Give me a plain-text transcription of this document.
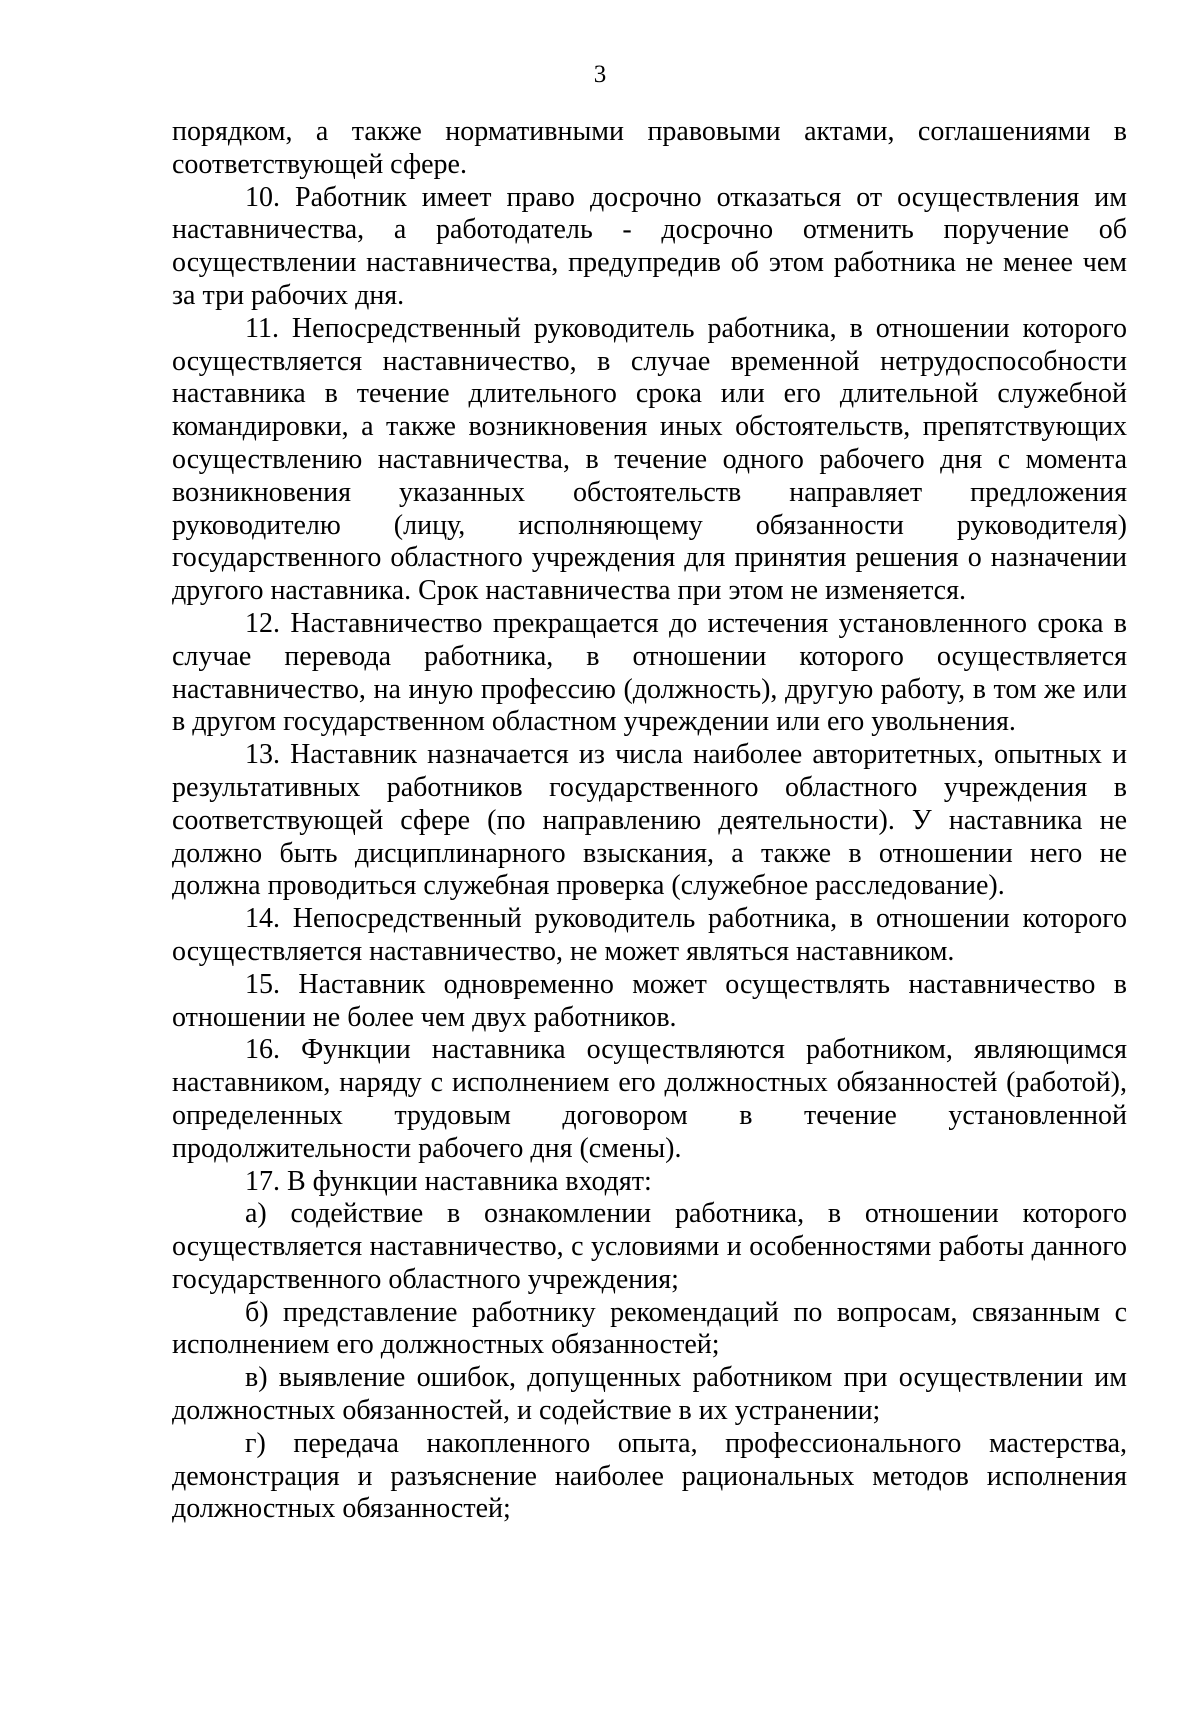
3

порядком, а также нормативными правовыми актами, соглашениями в соответствующей сфере.

10. Работник имеет право досрочно отказаться от осуществления им наставничества, а работодатель - досрочно отменить поручение об осуществлении наставничества, предупредив об этом работника не менее чем за три рабочих дня.

11. Непосредственный руководитель работника, в отношении которого осуществляется наставничество, в случае временной нетрудоспособности наставника в течение длительного срока или его длительной служебной командировки, а также возникновения иных обстоятельств, препятствующих осуществлению наставничества, в течение одного рабочего дня с момента возникновения указанных обстоятельств направляет предложения руководителю (лицу, исполняющему обязанности руководителя) государственного областного учреждения для принятия решения о назначении другого наставника. Срок наставничества при этом не изменяется.

12. Наставничество прекращается до истечения установленного срока в случае перевода работника, в отношении которого осуществляется наставничество, на иную профессию (должность), другую работу, в том же или в другом государственном областном учреждении или его увольнения.

13. Наставник назначается из числа наиболее авторитетных, опытных и результативных работников государственного областного учреждения в соответствующей сфере (по направлению деятельности). У наставника не должно быть дисциплинарного взыскания, а также в отношении него не должна проводиться служебная проверка (служебное расследование).

14. Непосредственный руководитель работника, в отношении которого осуществляется наставничество, не может являться наставником.

15. Наставник одновременно может осуществлять наставничество в отношении не более чем двух работников.

16. Функции наставника осуществляются работником, являющимся наставником, наряду с исполнением его должностных обязанностей (работой), определенных трудовым договором в течение установленной продолжительности рабочего дня (смены).

17. В функции наставника входят:

а) содействие в ознакомлении работника, в отношении которого осуществляется наставничество, с условиями и особенностями работы данного государственного областного учреждения;

б) представление работнику рекомендаций по вопросам, связанным с исполнением его должностных обязанностей;

в) выявление ошибок, допущенных работником при осуществлении им должностных обязанностей, и содействие в их устранении;

г) передача накопленного опыта, профессионального мастерства, демонстрация и разъяснение наиболее рациональных методов исполнения должностных обязанностей;
